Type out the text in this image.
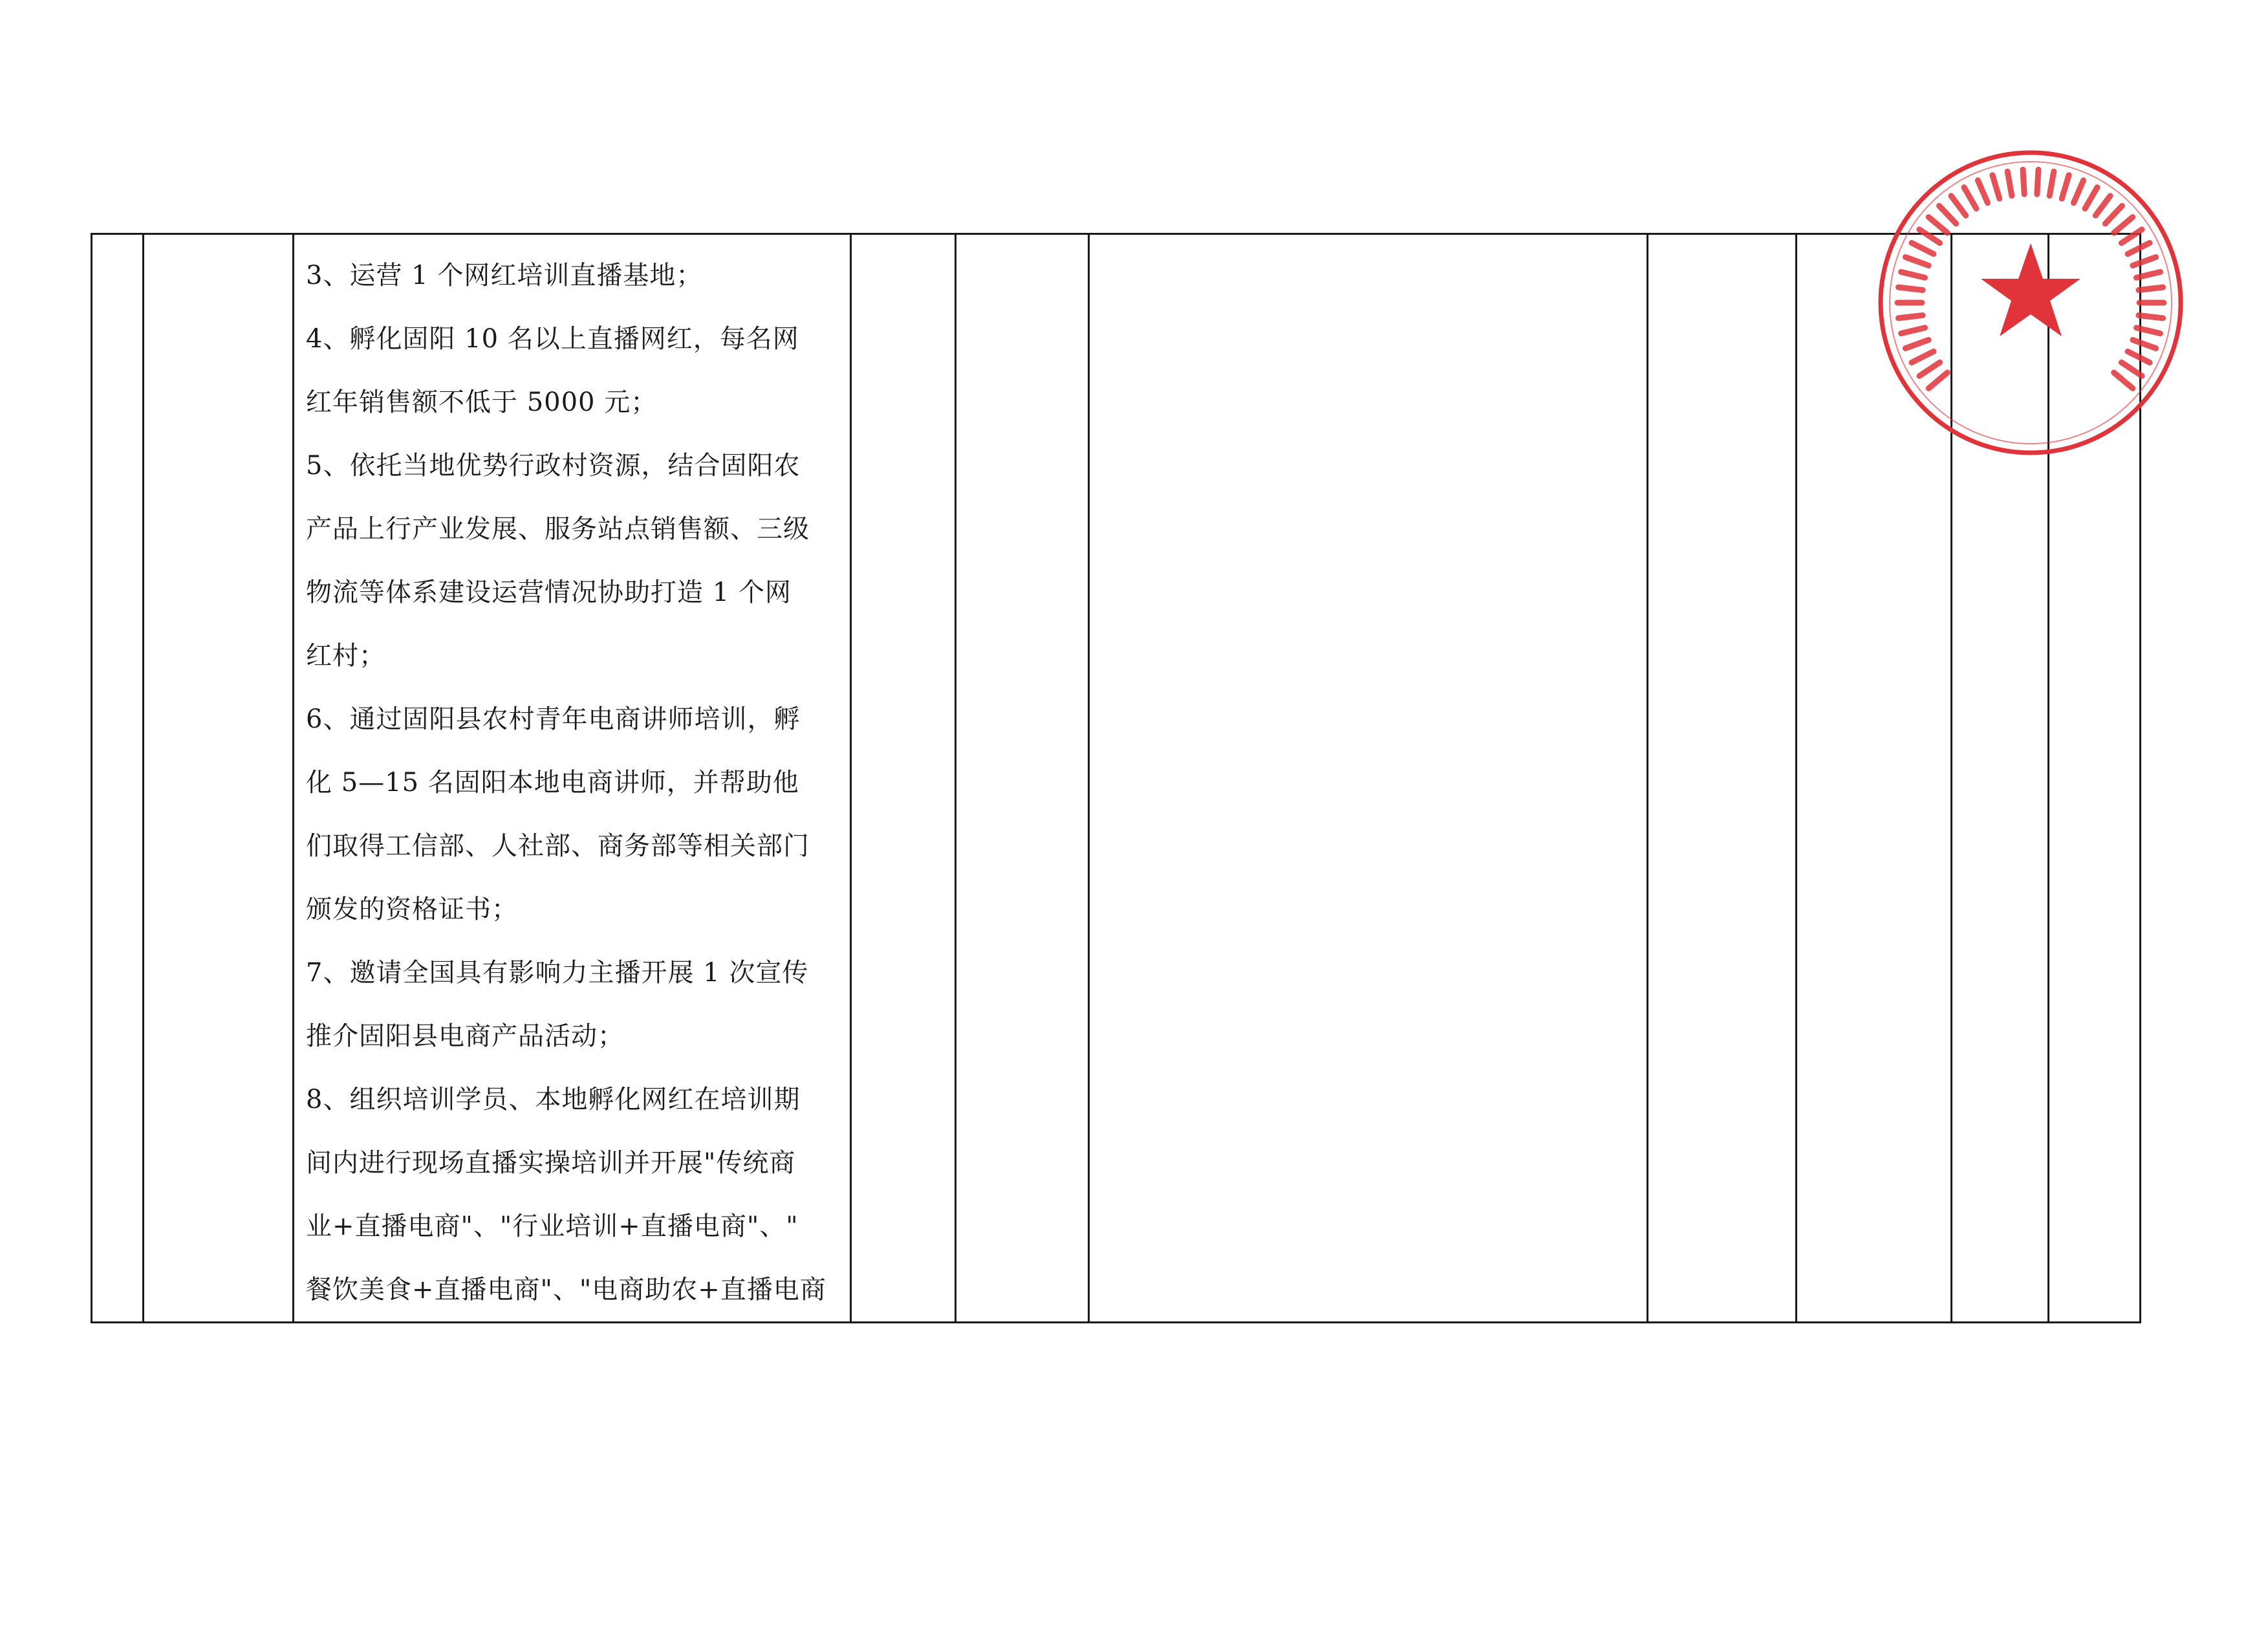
3、运营 1 个网红培训直播基地；
4、孵化固阳 10 名以上直播网红，每名网
红年销售额不低于 5000 元；
5、依托当地优势行政村资源，结合固阳农
产品上行产业发展、服务站点销售额、三级
物流等体系建设运营情况协助打造 1 个网
红村；
6、通过固阳县农村青年电商讲师培训，孵
化 5—15 名固阳本地电商讲师，并帮助他
们取得工信部、人社部、商务部等相关部门
颁发的资格证书；
7、邀请全国具有影响力主播开展 1 次宣传
推介固阳县电商产品活动；
8、组织培训学员、本地孵化网红在培训期
间内进行现场直播实操培训并开展"传统商
业+直播电商"、"行业培训+直播电商"、"
餐饮美食+直播电商"、"电商助农+直播电商
